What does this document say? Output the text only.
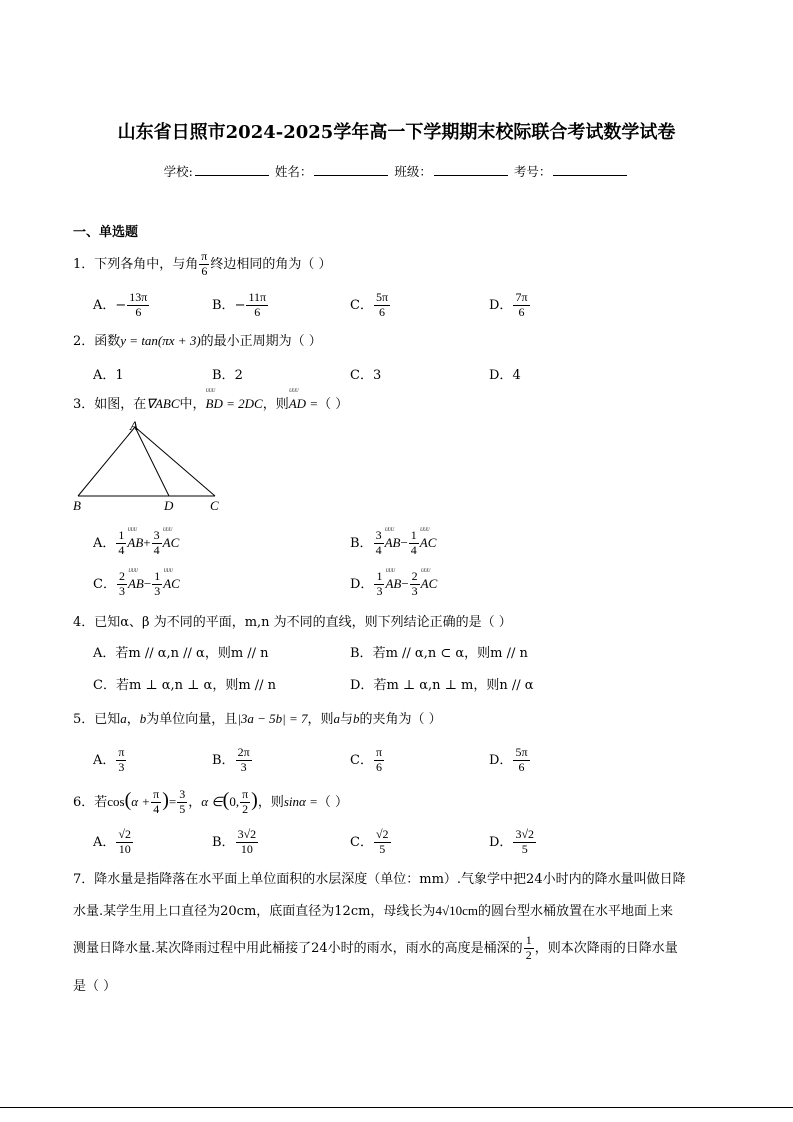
山东省日照市2024-2025学年高一下学期期末校际联合考试数学试卷
学校:	姓名：	班级：	考号：
一、单选题
1．下列各角中，与角 $\frac{\pi}{6}$ 终边相同的角为（ ）
A．− $\frac{13\pi}{6}$	B．− $\frac{11\pi}{6}$	C． $\frac{5\pi}{6}$	D． $\frac{7\pi}{6}$
2．函数y = tan(πx + 3)的最小正周期为（ ）
A．1	B．2	C．3	D．4
3．如图，在∇ABC中，ᵁᵁᵁ BD = 2DC，则ᵁᵁᵁ AD =（ ）
A
B	D	C
A． $\frac{1}{4}$ ᵁᵁᵁ $AB+ \frac{3}{4}$ ᵁᵁᵁ AC	B． $\frac{3}{4}$ ᵁᵁᵁ $AB- \frac{1}{4}$ ᵁᵁᵁ AC
C． $\frac{2}{3}$ ᵁᵁᵁ $AB- \frac{1}{3}$ ᵁᵁᵁ AC	D． $\frac{1}{3}$ ᵁᵁᵁ $AB- \frac{2}{3}$ ᵁᵁᵁ AC
4．已知α、β 为不同的平面，m,n 为不同的直线，则下列结论正确的是（ ）
A．若m // α,n // α，则m // n	B．若m // α,n ⊂ α，则m // n
C．若m ⊥ α,n ⊥ α，则m // n	D．若m ⊥ α,n ⊥ m，则n // α
5．已知a，b为单位向量，且|3a − 5b| = 7，则a与b的夹角为（ ）
A． $\frac{\pi}{3}$	B． $\frac{2\pi}{3}$	C． $\frac{\pi}{6}$	D． $\frac{5\pi}{6}$
6．若$\cos(\alpha + \frac{\pi}{4}$ )= $\frac{3}{5}$ ，α ∈(0, $\frac{\pi}{2}$ )，则sinα =（ ）
A． $\frac{√2}{10}$	B． $\frac{3√2}{10}$	C． $\frac{√2}{5}$	D． $\frac{3√2}{5}$
7．降水量是指降落在水平面上单位面积的水层深度（单位：mm）.气象学中把24小时内的降水量叫做日降
水量.某学生用上口直径为20cm，底面直径为12cm，母线长为4√10cm的圆台型水桶放置在水平地面上来
测量日降水量.某次降雨过程中用此桶接了24小时的雨水，雨水的高度是桶深的 $\frac{1}{2}$ ，则本次降雨的日降水量
是（ ）
